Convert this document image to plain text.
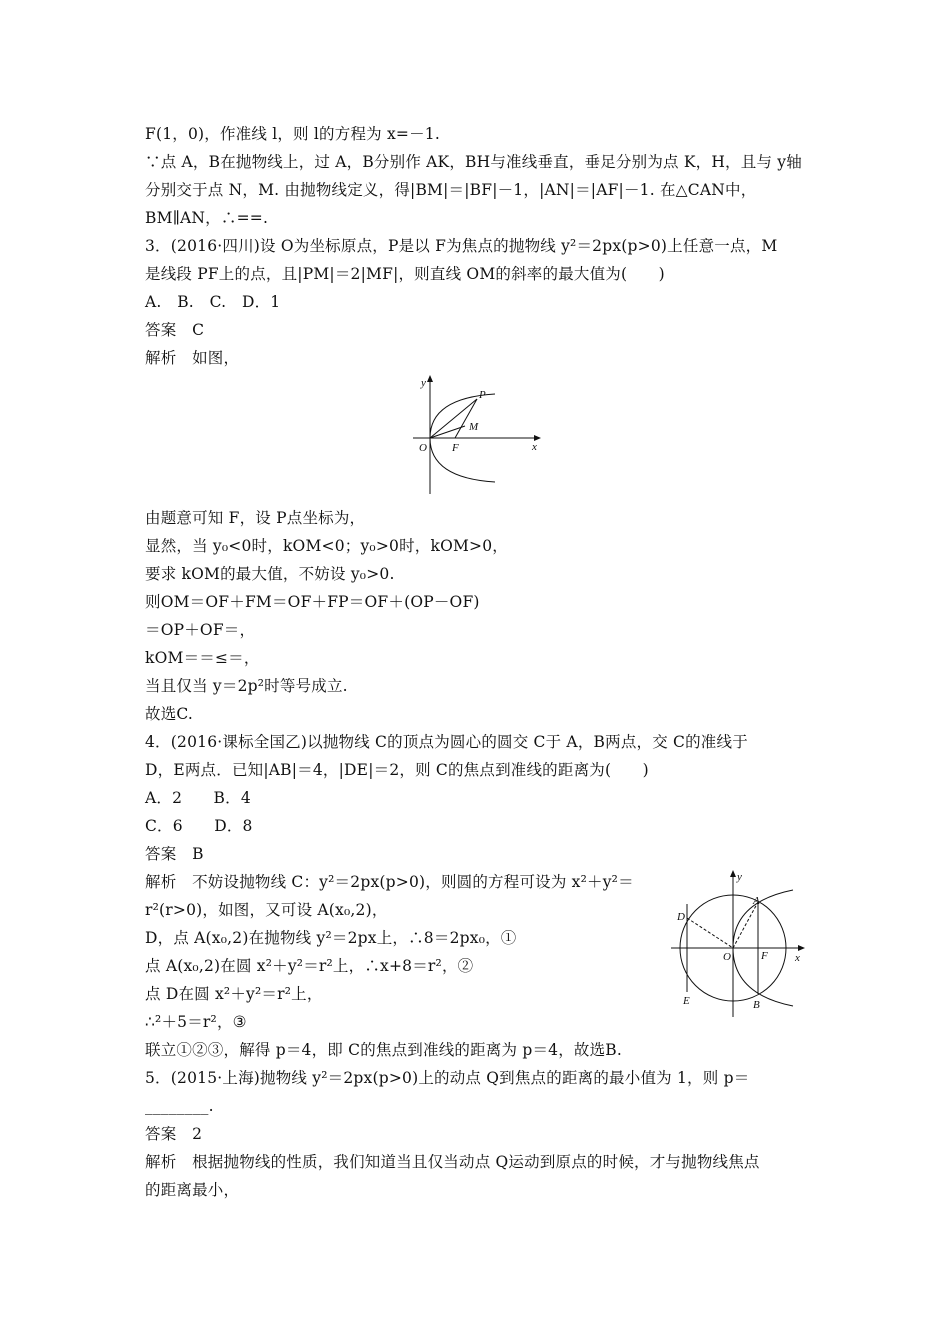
F(1，0)，作准线 l，则 l的方程为 x=－1.
∵点 A，B在抛物线上，过 A，B分别作 AK，BH与准线垂直，垂足分别为点 K，H，且与 y轴
分别交于点 N，M. 由抛物线定义，得|BM|＝|BF|－1，|AN|＝|AF|－1. 在△CAN中，
BM∥AN，∴==.
3．(2016·四川)设 O为坐标原点，P是以 F为焦点的抛物线 y²＝2px(p>0)上任意一点，M
是线段 PF上的点，且|PM|＝2|MF|，则直线 OM的斜率的最大值为(　　)
A.　B.　C.　D．1
答案　C
解析　如图，
y
P
M
O F	x
由题意可知 F，设 P点坐标为，
显然，当 y₀<0时，kOM<0；y₀>0时，kOM>0，
要求 kOM的最大值，不妨设 y₀>0.
则OM＝OF＋FM＝OF＋FP＝OF＋(OP－OF)
＝OP＋OF＝，
kOM＝＝≤＝，
当且仅当 y＝2p²时等号成立.
故选C.
4．(2016·课标全国乙)以抛物线 C的顶点为圆心的圆交 C于 A，B两点，交 C的准线于
D，E两点．已知|AB|＝4，|DE|＝2，则 C的焦点到准线的距离为(　　)
A．2　　B．4
C．6　　D．8
答案　B
解析　不妨设抛物线 C：y²＝2px(p>0)，则圆的方程可设为 x²＋y²＝
r²(r>0)，如图，又可设 A(x₀,2)，
D，点 A(x₀,2)在抛物线 y²＝2px上，∴8＝2px₀，①
点 A(x₀,2)在圆 x²＋y²＝r²上，∴x+8＝r²，②
点 D在圆 x²＋y²＝r²上，
∴²＋5＝r²，③
y
A
D
O	F x
E	B
联立①②③，解得 p＝4，即 C的焦点到准线的距离为 p＝4，故选B.
5．(2015·上海)抛物线 y²＝2px(p>0)上的动点 Q到焦点的距离的最小值为 1，则 p＝
________.
答案　2
解析　根据抛物线的性质，我们知道当且仅当动点 Q运动到原点的时候，才与抛物线焦点
的距离最小，
